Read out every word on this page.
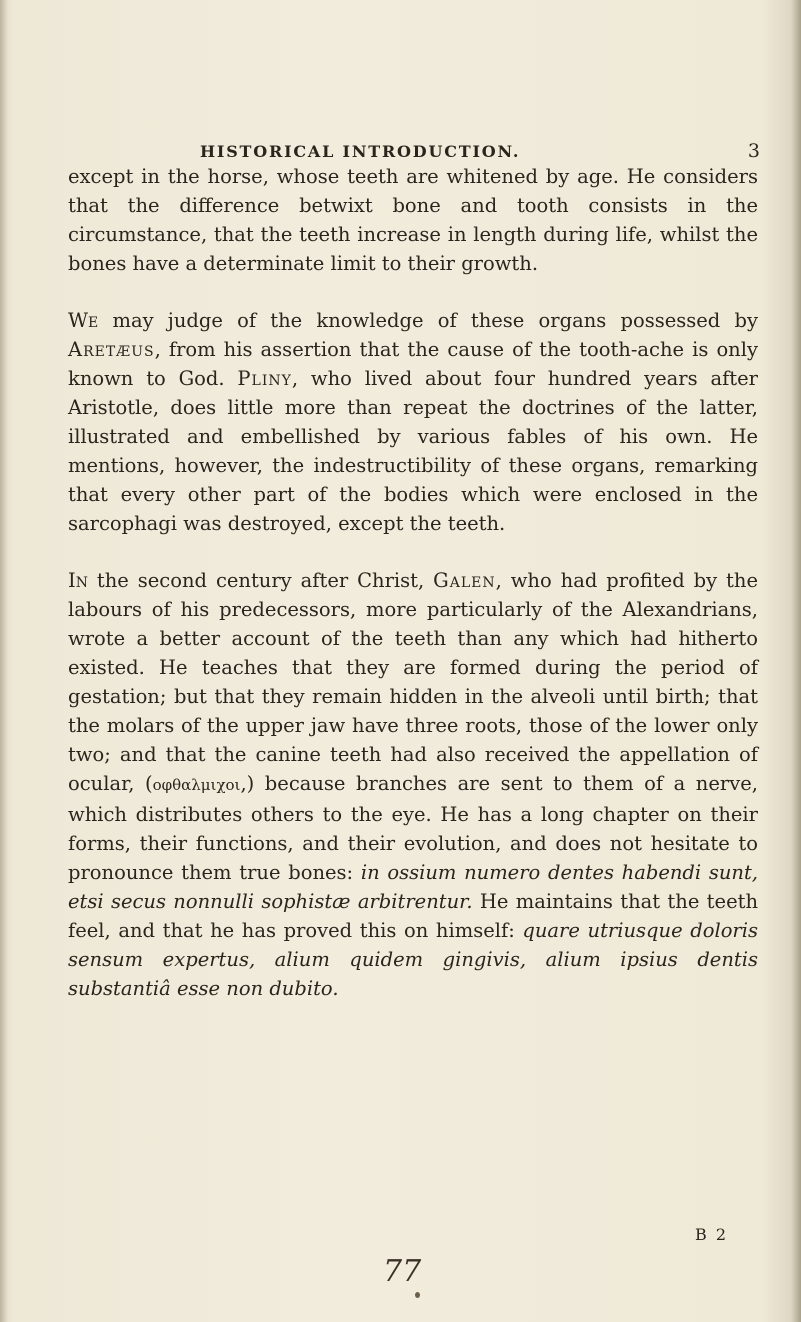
HISTORICAL INTRODUCTION.	3

except in the horse, whose teeth are whitened by age. He considers that the difference betwixt bone and tooth consists in the circumstance, that the teeth increase in length during life, whilst the bones have a determinate limit to their growth.

We may judge of the knowledge of these organs possessed by Aretæus, from his assertion that the cause of the tooth-ache is only known to God. Pliny, who lived about four hundred years after Aristotle, does little more than repeat the doctrines of the latter, illustrated and embellished by various fables of his own. He mentions, however, the indestructibility of these organs, remarking that every other part of the bodies which were enclosed in the sarcophagi was destroyed, except the teeth.

In the second century after Christ, Galen, who had profited by the labours of his predecessors, more particularly of the Alexandrians, wrote a better account of the teeth than any which had hitherto existed. He teaches that they are formed during the period of gestation; but that they remain hidden in the alveoli until birth; that the molars of the upper jaw have three roots, those of the lower only two; and that the canine teeth had also received the appellation of ocular, (οφθαλμιχοι,) because branches are sent to them of a nerve, which distributes others to the eye. He has a long chapter on their forms, their functions, and their evolution, and does not hesitate to pronounce them true bones: in ossium numero dentes habendi sunt, etsi secus nonnulli sophistæ arbitrentur. He maintains that the teeth feel, and that he has proved this on himself: quare utriusque doloris sensum expertus, alium quidem gingivis, alium ipsius dentis substantiâ esse non dubito.

B 2
77
